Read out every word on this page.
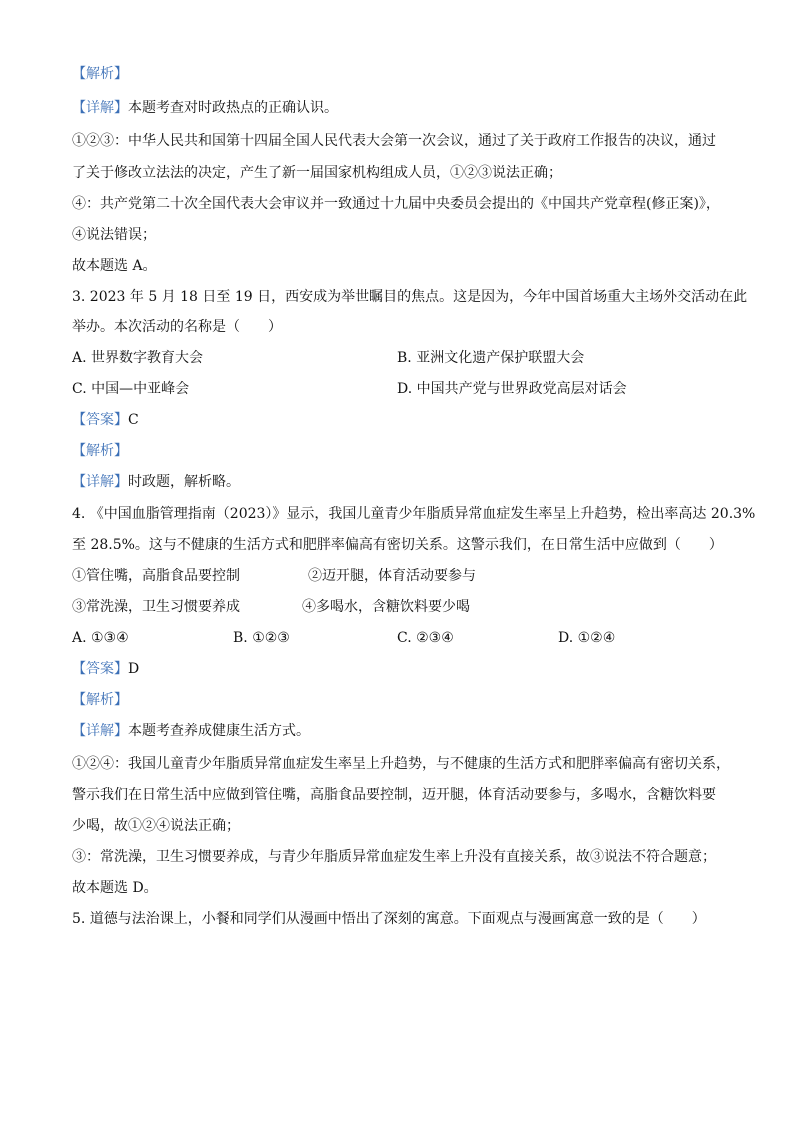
【解析】
【详解】本题考查对时政热点的正确认识。
①②③：中华人民共和国第十四届全国人民代表大会第一次会议，通过了关于政府工作报告的决议，通过
了关于修改立法法的决定，产生了新一届国家机构组成人员，①②③说法正确；
④：共产党第二十次全国代表大会审议并一致通过十九届中央委员会提出的《中国共产党章程(修正案)》，
④说法错误；
故本题选 A。
3. 2023 年 5 月 18 日至 19 日，西安成为举世瞩目的焦点。这是因为，今年中国首场重大主场外交活动在此
举办。本次活动的名称是（　　）
A. 世界数字教育大会	B. 亚洲文化遗产保护联盟大会
C. 中国—中亚峰会	D. 中国共产党与世界政党高层对话会
【答案】C
【解析】
【详解】时政题，解析略。
4. 《中国血脂管理指南（2023）》显示，我国儿童青少年脂质异常血症发生率呈上升趋势，检出率高达 20.3%
至 28.5%。这与不健康的生活方式和肥胖率偏高有密切关系。这警示我们，在日常生活中应做到（　　）
①管住嘴，高脂食品要控制	②迈开腿，体育活动要参与
③常洗澡，卫生习惯要养成	④多喝水，含糖饮料要少喝
A. ①③④	B. ①②③	C. ②③④	D. ①②④
【答案】D
【解析】
【详解】本题考查养成健康生活方式。
①②④：我国儿童青少年脂质异常血症发生率呈上升趋势，与不健康的生活方式和肥胖率偏高有密切关系，
警示我们在日常生活中应做到管住嘴，高脂食品要控制，迈开腿，体育活动要参与，多喝水，含糖饮料要
少喝，故①②④说法正确；
③：常洗澡，卫生习惯要养成，与青少年脂质异常血症发生率上升没有直接关系，故③说法不符合题意；
故本题选 D。
5. 道德与法治课上，小餐和同学们从漫画中悟出了深刻的寓意。下面观点与漫画寓意一致的是（　　）
